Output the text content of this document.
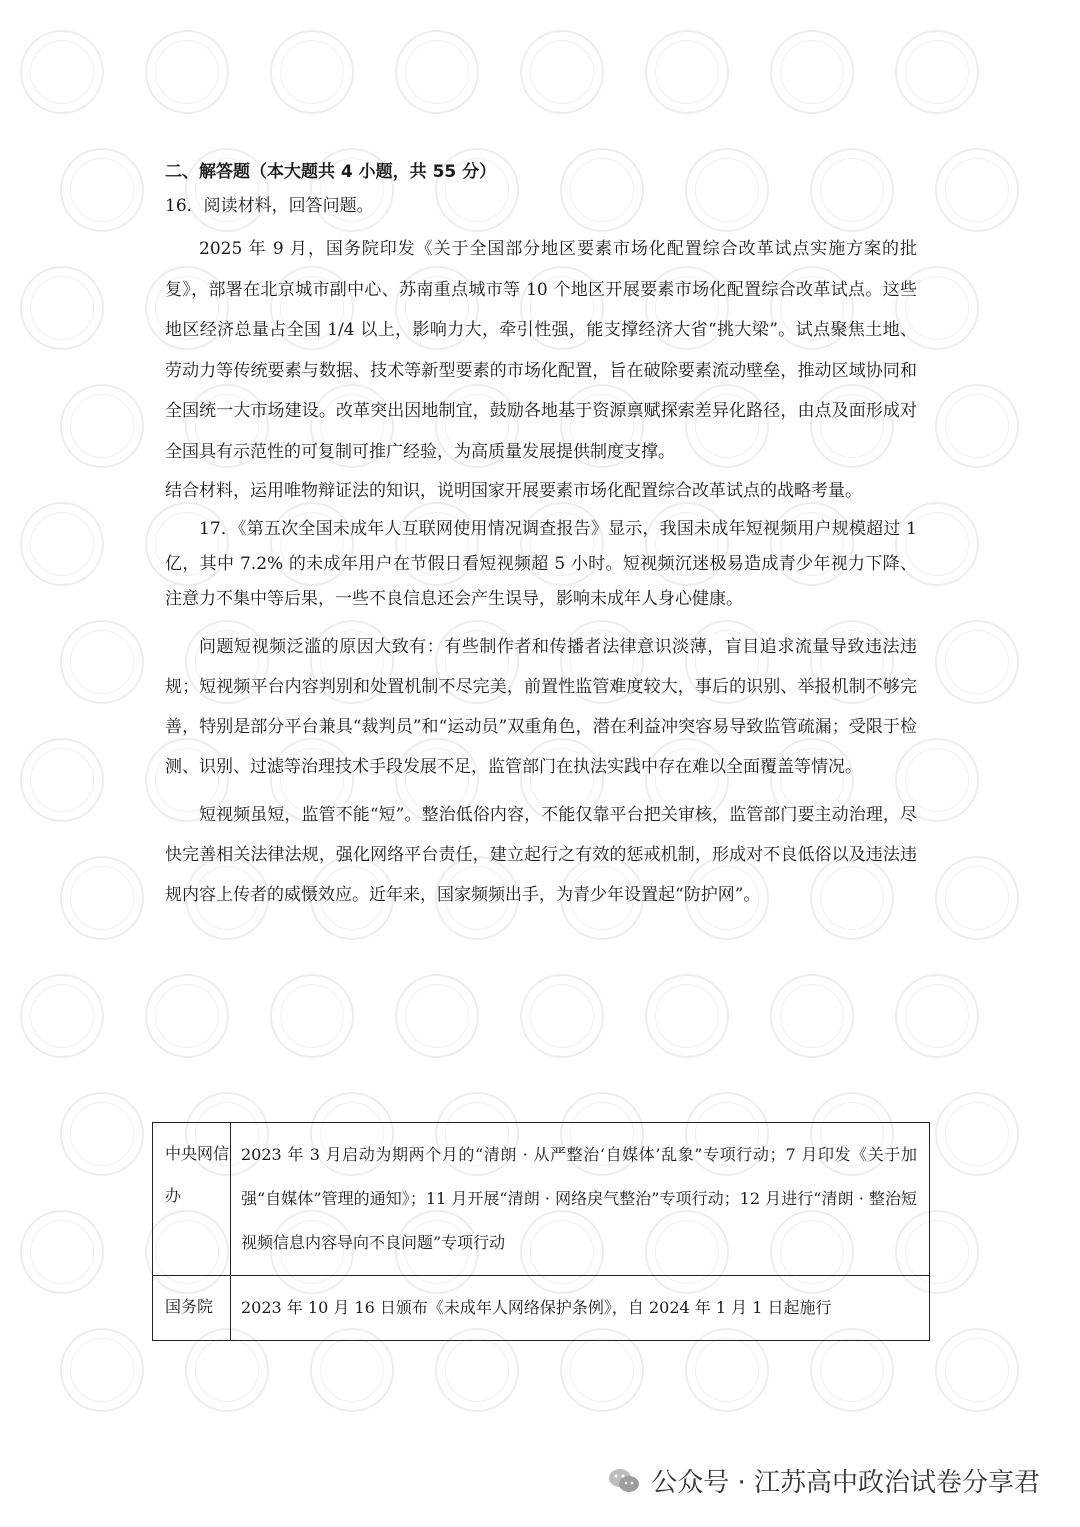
二、解答题（本大题共 4 小题，共 55 分）

16．阅读材料，回答问题。

2025 年 9 月，国务院印发《关于全国部分地区要素市场化配置综合改革试点实施方案的批复》，部署在北京城市副中心、苏南重点城市等 10 个地区开展要素市场化配置综合改革试点。这些地区经济总量占全国 1/4 以上，影响力大，牵引性强，能支撑经济大省“挑大梁”。试点聚焦土地、劳动力等传统要素与数据、技术等新型要素的市场化配置，旨在破除要素流动壁垒，推动区域协同和全国统一大市场建设。改革突出因地制宜，鼓励各地基于资源禀赋探索差异化路径，由点及面形成对全国具有示范性的可复制可推广经验，为高质量发展提供制度支撑。

结合材料，运用唯物辩证法的知识，说明国家开展要素市场化配置综合改革试点的战略考量。

17．《第五次全国未成年人互联网使用情况调查报告》显示，我国未成年短视频用户规模超过 1 亿，其中 7.2% 的未成年用户在节假日看短视频超 5 小时。短视频沉迷极易造成青少年视力下降、注意力不集中等后果，一些不良信息还会产生误导，影响未成年人身心健康。

问题短视频泛滥的原因大致有：有些制作者和传播者法律意识淡薄，盲目追求流量导致违法违规；短视频平台内容判别和处置机制不尽完美，前置性监管难度较大，事后的识别、举报机制不够完善，特别是部分平台兼具“裁判员”和“运动员”双重角色，潜在利益冲突容易导致监管疏漏；受限于检测、识别、过滤等治理技术手段发展不足，监管部门在执法实践中存在难以全面覆盖等情况。

短视频虽短，监管不能“短”。整治低俗内容，不能仅靠平台把关审核，监管部门要主动治理，尽快完善相关法律法规，强化网络平台责任，建立起行之有效的惩戒机制，形成对不良低俗以及违法违规内容上传者的威慑效应。近年来，国家频频出手，为青少年设置起“防护网”。

中央网信办
2023 年 3 月启动为期两个月的“清朗 · 从严整治‘自媒体’乱象”专项行动；7 月印发《关于加强“自媒体”管理的通知》；11 月开展“清朗 · 网络戾气整治”专项行动；12 月进行“清朗 · 整治短视频信息内容导向不良问题”专项行动
国务院	2023 年 10 月 16 日颁布《未成年人网络保护条例》，自 2024 年 1 月 1 日起施行
公众号 · 江苏高中政治试卷分享君
